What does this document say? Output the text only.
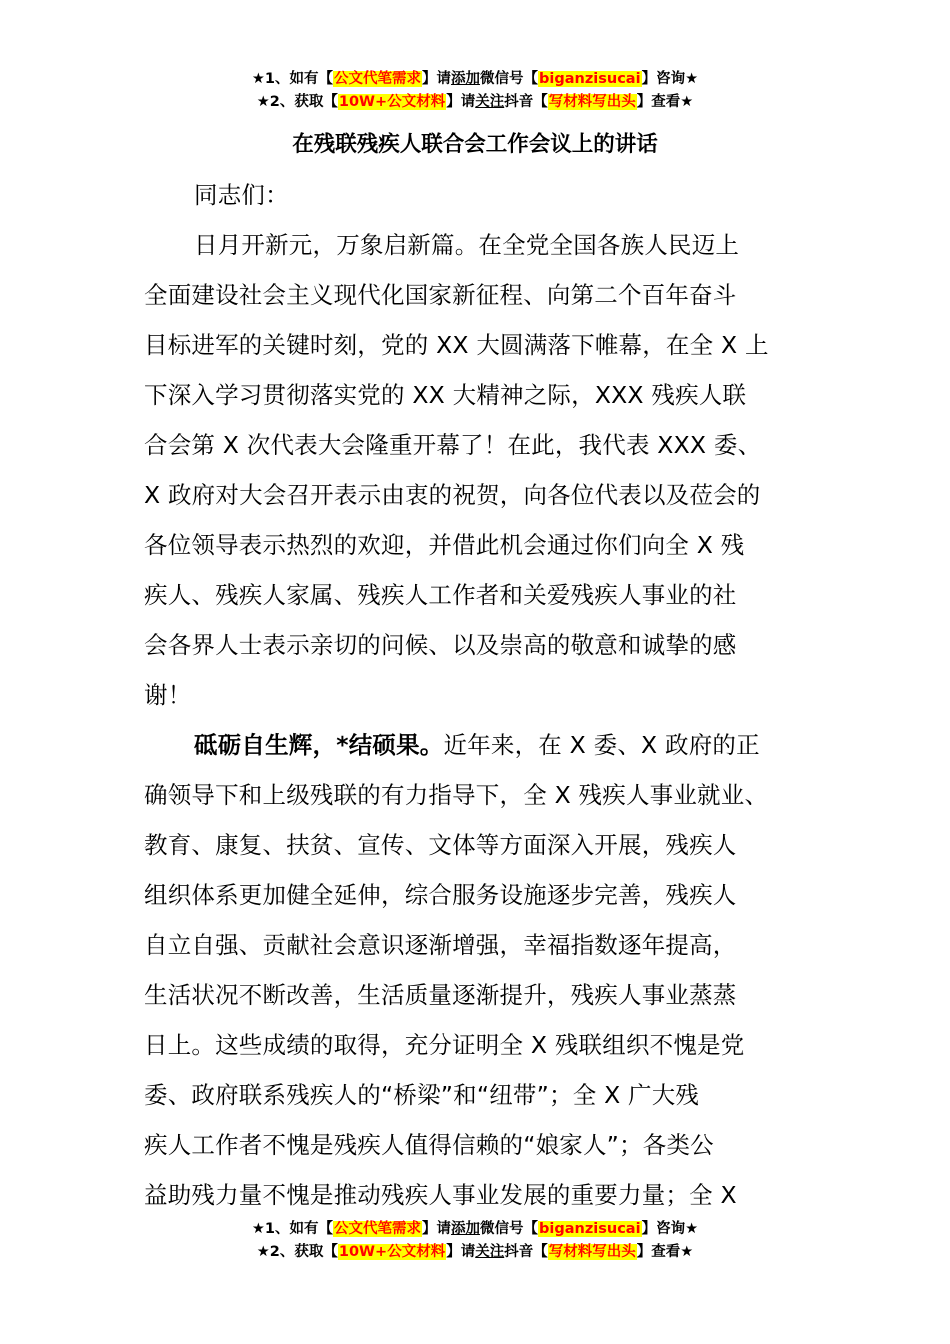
★1、如有【公文代笔需求】请添加微信号【biganzisucai】咨询★
★2、获取【10W+公文材料】请关注抖音【写材料写出头】查看★
在残联残疾人联合会工作会议上的讲话
同志们：
日月开新元，万象启新篇。在全党全国各族人民迈上
全面建设社会主义现代化国家新征程、向第二个百年奋斗
目标进军的关键时刻，党的 XX 大圆满落下帷幕，在全 X 上
下深入学习贯彻落实党的 XX 大精神之际，XXX 残疾人联
合会第 X 次代表大会隆重开幕了！在此，我代表 XXX 委、
X 政府对大会召开表示由衷的祝贺，向各位代表以及莅会的
各位领导表示热烈的欢迎，并借此机会通过你们向全 X 残
疾人、残疾人家属、残疾人工作者和关爱残疾人事业的社
会各界人士表示亲切的问候、以及崇高的敬意和诚挚的感
谢！
砥砺自生辉，*结硕果。近年来，在 X 委、X 政府的正
确领导下和上级残联的有力指导下，全 X 残疾人事业就业、
教育、康复、扶贫、宣传、文体等方面深入开展，残疾人
组织体系更加健全延伸，综合服务设施逐步完善，残疾人
自立自强、贡献社会意识逐渐增强，幸福指数逐年提高，
生活状况不断改善，生活质量逐渐提升，残疾人事业蒸蒸
日上。这些成绩的取得，充分证明全 X 残联组织不愧是党
委、政府联系残疾人的“桥梁”和“纽带”；全 X 广大残
疾人工作者不愧是残疾人值得信赖的“娘家人”；各类公
益助残力量不愧是推动残疾人事业发展的重要力量；全 X
★1、如有【公文代笔需求】请添加微信号【biganzisucai】咨询★
★2、获取【10W+公文材料】请关注抖音【写材料写出头】查看★
